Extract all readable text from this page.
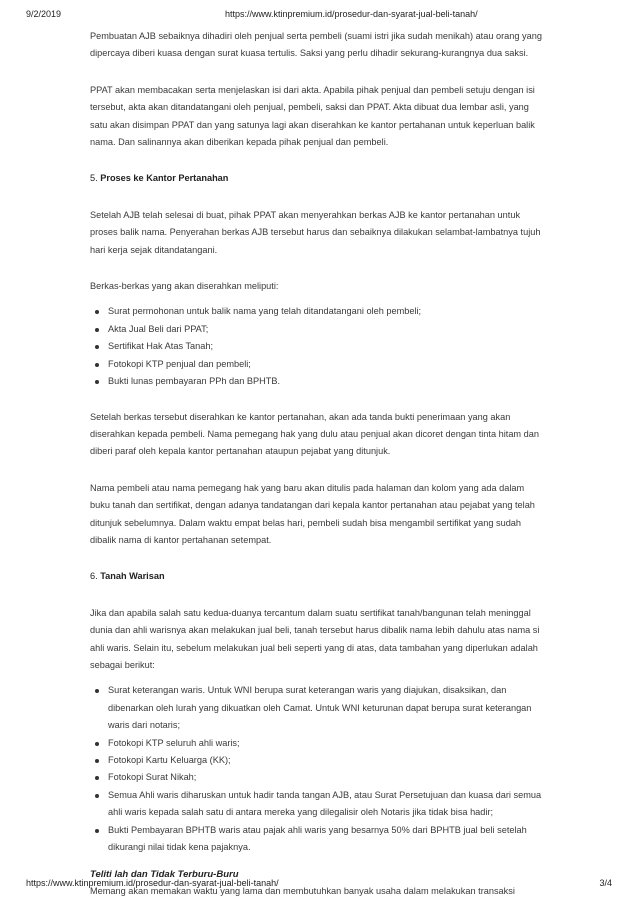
9/2/2019	https://www.ktinpremium.id/prosedur-dan-syarat-jual-beli-tanah/

Pembuatan AJB sebaiknya dihadiri oleh penjual serta pembeli (suami istri jika sudah menikah) atau orang yang dipercaya diberi kuasa dengan surat kuasa tertulis. Saksi yang perlu dihadir sekurang-kurangnya dua saksi.

PPAT akan membacakan serta menjelaskan isi dari akta. Apabila pihak penjual dan pembeli setuju dengan isi tersebut, akta akan ditandatangani oleh penjual, pembeli, saksi dan PPAT. Akta dibuat dua lembar asli, yang satu akan disimpan PPAT dan yang satunya lagi akan diserahkan ke kantor pertahanan untuk keperluan balik nama. Dan salinannya akan diberikan kepada pihak penjual dan pembeli.

5. Proses ke Kantor Pertanahan

Setelah AJB telah selesai di buat, pihak PPAT akan menyerahkan berkas AJB ke kantor pertanahan untuk proses balik nama. Penyerahan berkas AJB tersebut harus dan sebaiknya dilakukan selambat-lambatnya tujuh hari kerja sejak ditandatangani.

Berkas-berkas yang akan diserahkan meliputi:

Surat permohonan untuk balik nama yang telah ditandatangani oleh pembeli;
Akta Jual Beli dari PPAT;
Sertifikat Hak Atas Tanah;
Fotokopi KTP penjual dan pembeli;
Bukti lunas pembayaran PPh dan BPHTB.

Setelah berkas tersebut diserahkan ke kantor pertanahan, akan ada tanda bukti penerimaan yang akan diserahkan kepada pembeli. Nama pemegang hak yang dulu atau penjual akan dicoret dengan tinta hitam dan diberi paraf oleh kepala kantor pertanahan ataupun pejabat yang ditunjuk.

Nama pembeli atau nama pemegang hak yang baru akan ditulis pada halaman dan kolom yang ada dalam buku tanah dan sertifikat, dengan adanya tandatangan dari kepala kantor pertanahan atau pejabat yang telah ditunjuk sebelumnya. Dalam waktu empat belas hari, pembeli sudah bisa mengambil sertifikat yang sudah dibalik nama di kantor pertahanan setempat.

6. Tanah Warisan

Jika dan apabila salah satu kedua-duanya tercantum dalam suatu sertifikat tanah/bangunan telah meninggal dunia dan ahli warisnya akan melakukan jual beli, tanah tersebut harus dibalik nama lebih dahulu atas nama si ahli waris. Selain itu, sebelum melakukan jual beli seperti yang di atas, data tambahan yang diperlukan adalah sebagai berikut:

Surat keterangan waris. Untuk WNI berupa surat keterangan waris yang diajukan, disaksikan, dan dibenarkan oleh lurah yang dikuatkan oleh Camat. Untuk WNI keturunan dapat berupa surat keterangan waris dari notaris;
Fotokopi KTP seluruh ahli waris;
Fotokopi Kartu Keluarga (KK);
Fotokopi Surat Nikah;
Semua Ahli waris diharuskan untuk hadir tanda tangan AJB, atau Surat Persetujuan dan kuasa dari semua ahli waris kepada salah satu di antara mereka yang dilegalisir oleh Notaris jika tidak bisa hadir;
Bukti Pembayaran BPHTB waris atau pajak ahli waris yang besarnya 50% dari BPHTB jual beli setelah dikurangi nilai tidak kena pajaknya.
Teliti lah dan Tidak Terburu-Buru

Memang akan memakan waktu yang lama dan membutuhkan banyak usaha dalam melakukan transaksi

https://www.ktinpremium.id/prosedur-dan-syarat-jual-beli-tanah/	3/4
